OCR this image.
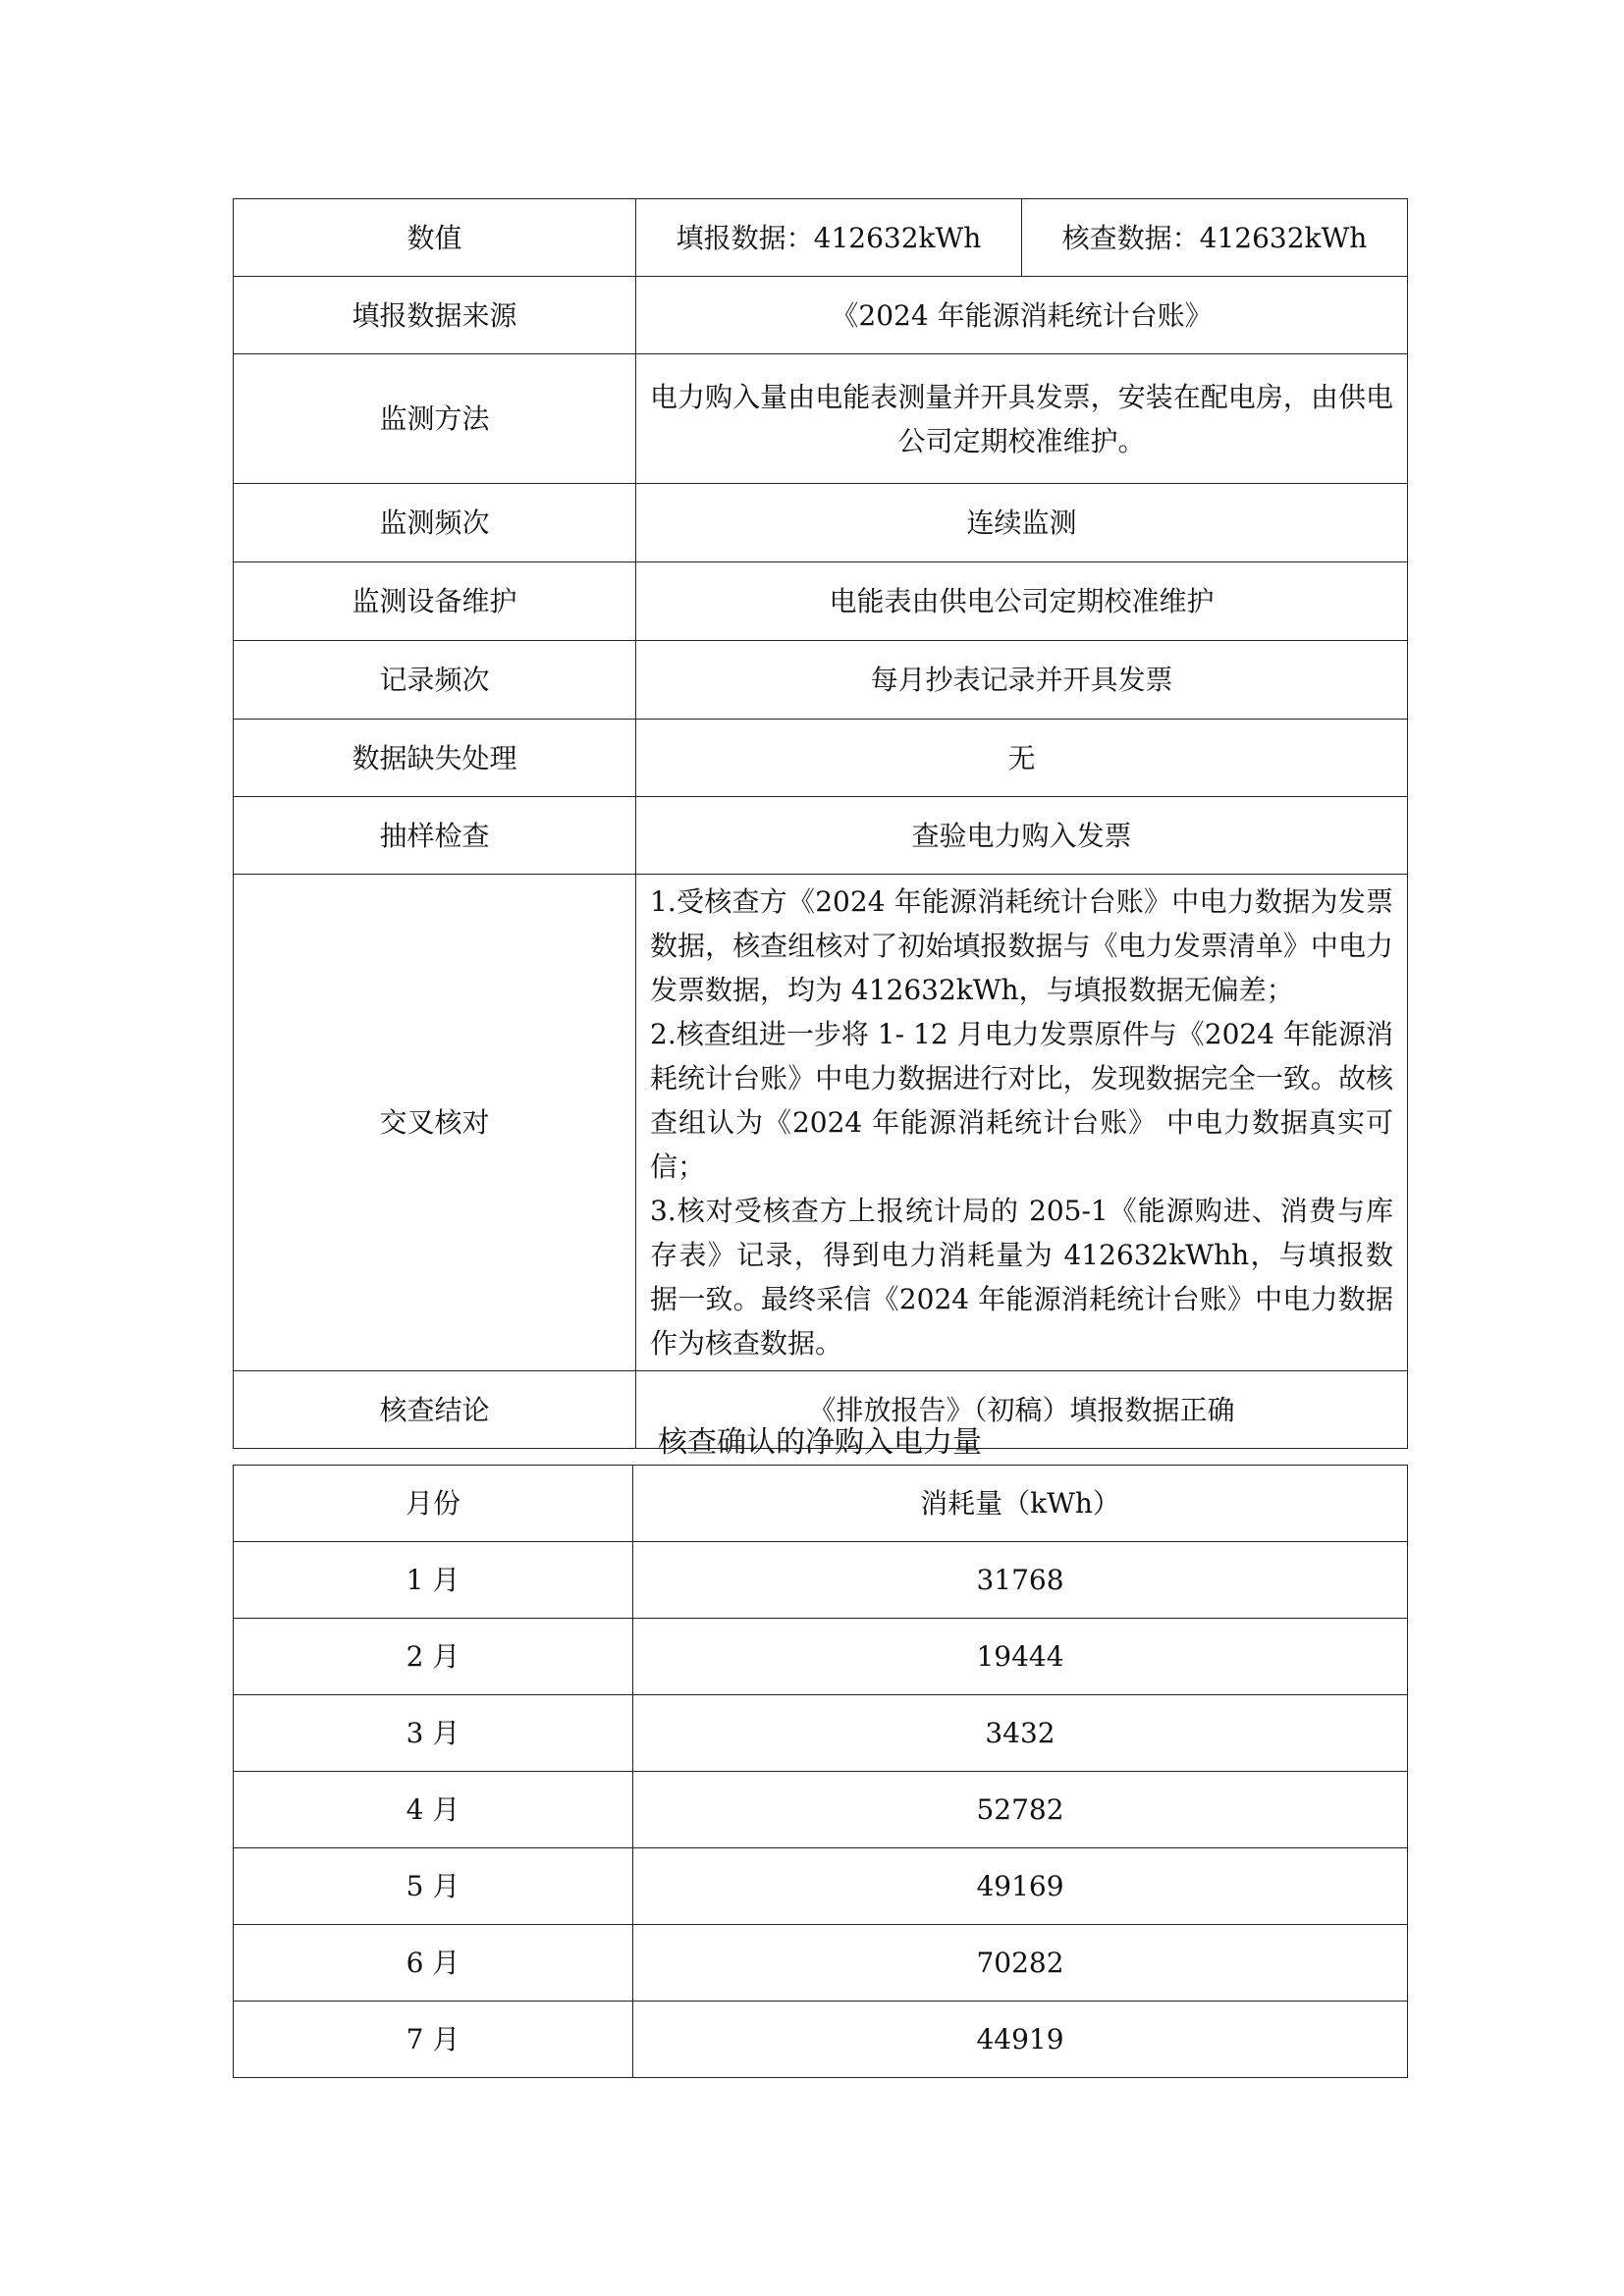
数值	填报数据：412632kWh	核查数据：412632kWh
填报数据来源	《2024 年能源消耗统计台账》	
监测方法	电力购入量由电能表测量并开具发票，安装在配电房，由供电公司定期校准维护。	
监测频次	连续监测	
监测设备维护	电能表由供电公司定期校准维护	
记录频次	每月抄表记录并开具发票	
数据缺失处理	无	
抽样检查	查验电力购入发票	
交叉核对	1.受核查方《2024 年能源消耗统计台账》中电力数据为发票数据，核查组核对了初始填报数据与《电力发票清单》中电力发票数据，均为 412632kWh，与填报数据无偏差；

2.核查组进一步将 1- 12 月电力发票原件与《2024 年能源消耗统计台账》中电力数据进行对比，发现数据完全一致。故核查组认为《2024 年能源消耗统计台账》 中电力数据真实可信；

3.核对受核查方上报统计局的 205-1《能源购进、消费与库存表》记录，得到电力消耗量为 412632kWhh，与填报数据一致。最终采信《2024 年能源消耗统计台账》中电力数据作为核查数据。	

核查结论	《排放报告》（初稿）填报数据正确	
核查确认的净购入电力量
月份	消耗量（kWh）
1 月	31768
2 月	19444
3 月	3432
4 月	52782
5 月	49169
6 月	70282
7 月	44919
